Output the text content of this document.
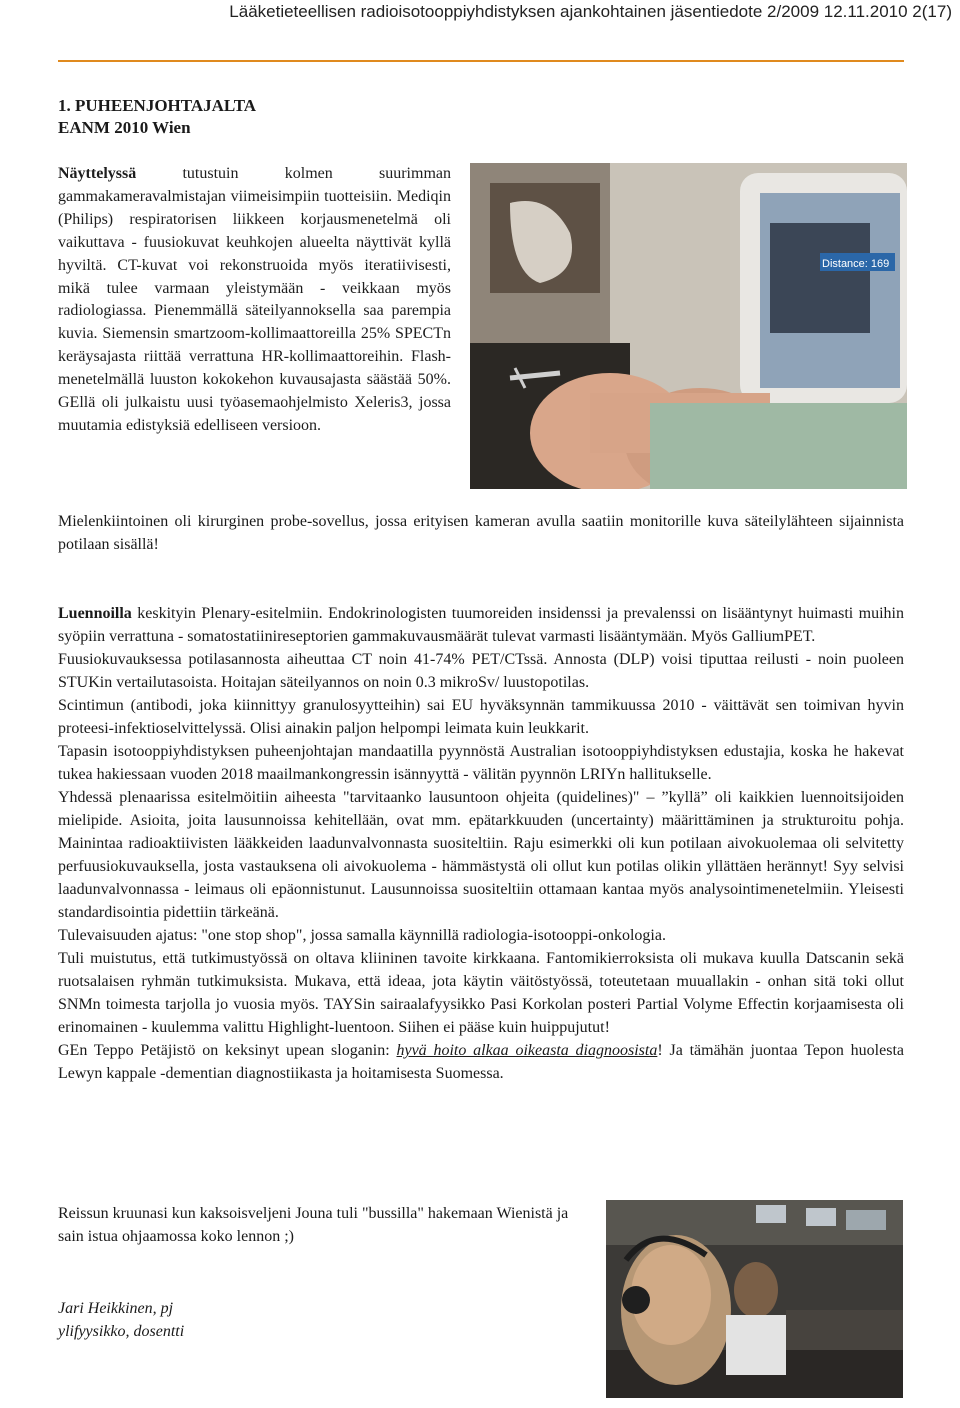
Lääketieteellisen radioisotooppiyhdistyksen ajankohtainen jäsentiedote 2/2009 12.11.2010 2(17)
1. PUHEENJOHTAJALTA
EANM 2010 Wien
Näyttelyssä tutustuin kolmen suurimman gammakameravalmistajan viimeisimpiin tuotteisiin. Mediqin (Philips) respiratorisen liikkeen korjausmenetelmä oli vaikuttava - fuusiokuvat keuhkojen alueelta näyttivät kyllä hyviltä. CT-kuvat voi rekonstruoida myös iteratiivisesti, mikä tulee varmaan yleistymään - veikkaan myös radiologiassa. Pienemmällä säteilyannoksella saa parempia kuvia. Siemensin smartzoom-kollimaattoreilla 25% SPECTn keräysajasta riittää verrattuna HR-kollimaattoreihin. Flash-menetelmällä luuston kokokehon kuvausajasta säästää 50%. GEllä oli julkaistu uusi työasemaohjelmisto Xeleris3, jossa muutamia edistyksiä edelliseen versioon.
Distance: 169
Mielenkiintoinen oli kirurginen probe-sovellus, jossa erityisen kameran avulla saatiin monitorille kuva säteilylähteen sijainnista potilaan sisällä!

Luennoilla keskityin Plenary-esitelmiin. Endokrinologisten tuumoreiden insidenssi ja prevalenssi on lisääntynyt huimasti muihin syöpiin verrattuna - somatostatiinireseptorien gammakuvausmäärät tulevat varmasti lisääntymään. Myös GalliumPET.

Fuusiokuvauksessa potilasannosta aiheuttaa CT noin 41-74% PET/CTssä. Annosta (DLP) voisi tiputtaa reilusti - noin puoleen STUKin vertailutasoista. Hoitajan säteilyannos on noin 0.3 mikroSv/ luustopotilas.

Scintimun (antibodi, joka kiinnittyy granulosyytteihin) sai EU hyväksynnän tammikuussa 2010 - väittävät sen toimivan hyvin proteesi-infektioselvittelyssä. Olisi ainakin paljon helpompi leimata kuin leukkarit.

Tapasin isotooppiyhdistyksen puheenjohtajan mandaatilla pyynnöstä Australian isotooppiyhdistyksen edustajia, koska he hakevat tukea hakiessaan vuoden 2018 maailmankongressin isännyyttä - välitän pyynnön LRIYn hallitukselle.

Yhdessä plenaarissa esitelmöitiin aiheesta "tarvitaanko lausuntoon ohjeita (quidelines)" – ”kyllä” oli kaikkien luennoitsijoiden mielipide. Asioita, joita lausunnoissa kehitellään, ovat mm. epätarkkuuden (uncertainty) määrittäminen ja strukturoitu pohja. Mainintaa radioaktiivisten lääkkeiden laadunvalvonnasta suositeltiin. Raju esimerkki oli kun potilaan aivokuolemaa oli selvitetty perfuusiokuvauksella, josta vastauksena oli aivokuolema - hämmästystä oli ollut kun potilas olikin yllättäen herännyt! Syy selvisi laadunvalvonnassa - leimaus oli epäonnistunut. Lausunnoissa suositeltiin ottamaan kantaa myös analysointimenetelmiin. Yleisesti standardisointia pidettiin tärkeänä.

Tulevaisuuden ajatus: "one stop shop", jossa samalla käynnillä radiologia-isotooppi-onkologia.

Tuli muistutus, että tutkimustyössä on oltava kliininen tavoite kirkkaana. Fantomikierroksista oli mukava kuulla Datscanin sekä ruotsalaisen ryhmän tutkimuksista. Mukava, että ideaa, jota käytin väitöstyössä, toteutetaan muuallakin - onhan sitä toki ollut SNMn toimesta tarjolla jo vuosia myös. TAYSin sairaalafyysikko Pasi Korkolan posteri Partial Volyme Effectin korjaamisesta oli erinomainen - kuulemma valittu Highlight-luentoon. Siihen ei pääse kuin huippujutut!

GEn Teppo Petäjistö on keksinyt upean sloganin: hyvä hoito alkaa oikeasta diagnoosista! Ja tämähän juontaa Tepon huolesta Lewyn kappale -dementian diagnostiikasta ja hoitamisesta Suomessa.

Reissun kruunasi kun kaksoisveljeni Jouna tuli "bussilla" hakemaan Wienistä ja sain istua ohjaamossa koko lennon ;)
Jari Heikkinen, pj
ylifyysikko, dosentti
